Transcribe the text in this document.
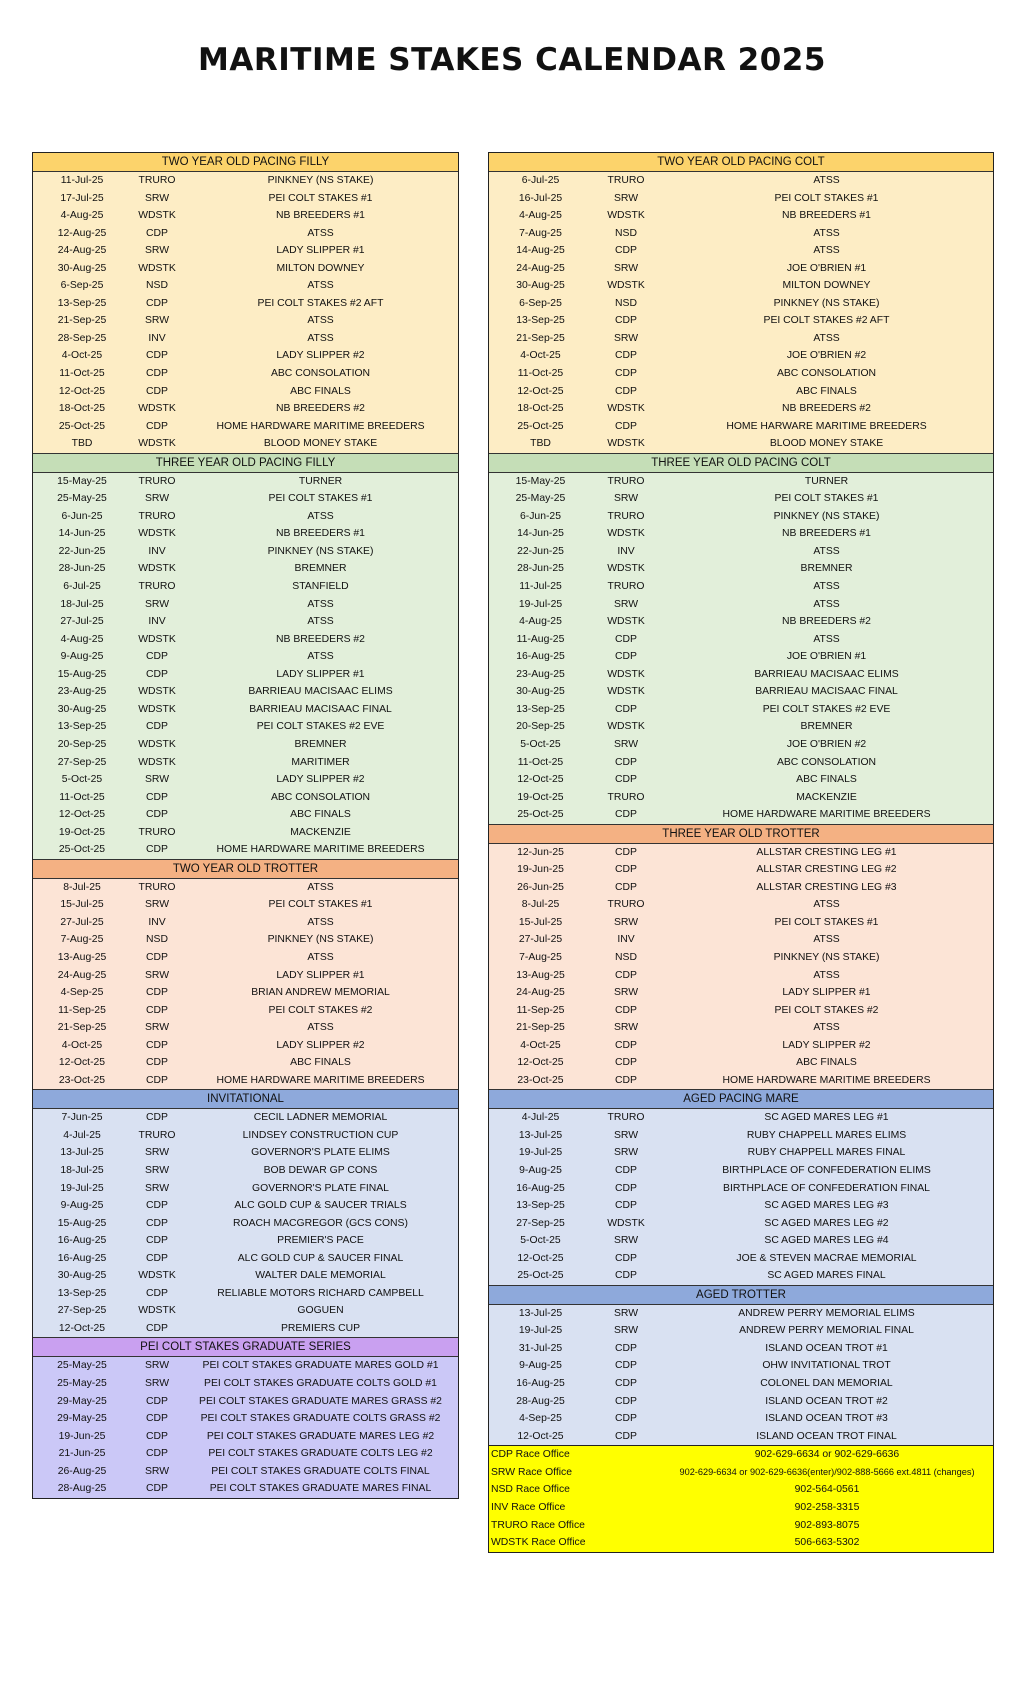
MARITIME STAKES CALENDAR 2025
TWO YEAR OLD PACING FILLY
11-Jul-25	TRURO	PINKNEY (NS STAKE)
17-Jul-25	SRW	PEI COLT STAKES #1
4-Aug-25	WDSTK	NB BREEDERS #1
12-Aug-25	CDP	ATSS
24-Aug-25	SRW	LADY SLIPPER #1
30-Aug-25	WDSTK	MILTON DOWNEY
6-Sep-25	NSD	ATSS
13-Sep-25	CDP	PEI COLT STAKES #2 AFT
21-Sep-25	SRW	ATSS
28-Sep-25	INV	ATSS
4-Oct-25	CDP	LADY SLIPPER #2
11-Oct-25	CDP	ABC CONSOLATION
12-Oct-25	CDP	ABC FINALS
18-Oct-25	WDSTK	NB BREEDERS #2
25-Oct-25	CDP	HOME HARDWARE MARITIME BREEDERS
TBD	WDSTK	BLOOD MONEY STAKE
THREE YEAR OLD PACING FILLY
15-May-25	TRURO	TURNER
25-May-25	SRW	PEI COLT STAKES #1
6-Jun-25	TRURO	ATSS
14-Jun-25	WDSTK	NB BREEDERS #1
22-Jun-25	INV	PINKNEY (NS STAKE)
28-Jun-25	WDSTK	BREMNER
6-Jul-25	TRURO	STANFIELD
18-Jul-25	SRW	ATSS
27-Jul-25	INV	ATSS
4-Aug-25	WDSTK	NB BREEDERS #2
9-Aug-25	CDP	ATSS
15-Aug-25	CDP	LADY SLIPPER #1
23-Aug-25	WDSTK	BARRIEAU MACISAAC ELIMS
30-Aug-25	WDSTK	BARRIEAU MACISAAC FINAL
13-Sep-25	CDP	PEI COLT STAKES #2 EVE
20-Sep-25	WDSTK	BREMNER
27-Sep-25	WDSTK	MARITIMER
5-Oct-25	SRW	LADY SLIPPER #2
11-Oct-25	CDP	ABC CONSOLATION
12-Oct-25	CDP	ABC FINALS
19-Oct-25	TRURO	MACKENZIE
25-Oct-25	CDP	HOME HARDWARE MARITIME BREEDERS
TWO YEAR OLD TROTTER
8-Jul-25	TRURO	ATSS
15-Jul-25	SRW	PEI COLT STAKES #1
27-Jul-25	INV	ATSS
7-Aug-25	NSD	PINKNEY (NS STAKE)
13-Aug-25	CDP	ATSS
24-Aug-25	SRW	LADY SLIPPER #1
4-Sep-25	CDP	BRIAN ANDREW MEMORIAL
11-Sep-25	CDP	PEI COLT STAKES #2
21-Sep-25	SRW	ATSS
4-Oct-25	CDP	LADY SLIPPER #2
12-Oct-25	CDP	ABC FINALS
23-Oct-25	CDP	HOME HARDWARE MARITIME BREEDERS
INVITATIONAL
7-Jun-25	CDP	CECIL LADNER MEMORIAL
4-Jul-25	TRURO	LINDSEY CONSTRUCTION CUP
13-Jul-25	SRW	GOVERNOR'S PLATE ELIMS
18-Jul-25	SRW	BOB DEWAR GP CONS
19-Jul-25	SRW	GOVERNOR'S PLATE FINAL
9-Aug-25	CDP	ALC GOLD CUP & SAUCER TRIALS
15-Aug-25	CDP	ROACH MACGREGOR (GCS CONS)
16-Aug-25	CDP	PREMIER'S PACE
16-Aug-25	CDP	ALC GOLD CUP & SAUCER FINAL
30-Aug-25	WDSTK	WALTER DALE MEMORIAL
13-Sep-25	CDP	RELIABLE MOTORS RICHARD CAMPBELL
27-Sep-25	WDSTK	GOGUEN
12-Oct-25	CDP	PREMIERS CUP
PEI COLT STAKES GRADUATE SERIES
25-May-25	SRW	PEI COLT STAKES GRADUATE MARES GOLD #1
25-May-25	SRW	PEI COLT STAKES GRADUATE COLTS GOLD #1
29-May-25	CDP	PEI COLT STAKES GRADUATE MARES GRASS #2
29-May-25	CDP	PEI COLT STAKES GRADUATE COLTS GRASS #2
19-Jun-25	CDP	PEI COLT STAKES GRADUATE MARES LEG #2
21-Jun-25	CDP	PEI COLT STAKES GRADUATE COLTS LEG #2
26-Aug-25	SRW	PEI COLT STAKES GRADUATE COLTS FINAL
28-Aug-25	CDP	PEI COLT STAKES GRADUATE MARES FINAL
TWO YEAR OLD PACING COLT
6-Jul-25	TRURO	ATSS
16-Jul-25	SRW	PEI COLT STAKES #1
4-Aug-25	WDSTK	NB BREEDERS #1
7-Aug-25	NSD	ATSS
14-Aug-25	CDP	ATSS
24-Aug-25	SRW	JOE O'BRIEN #1
30-Aug-25	WDSTK	MILTON DOWNEY
6-Sep-25	NSD	PINKNEY (NS STAKE)
13-Sep-25	CDP	PEI COLT STAKES #2 AFT
21-Sep-25	SRW	ATSS
4-Oct-25	CDP	JOE O'BRIEN #2
11-Oct-25	CDP	ABC CONSOLATION
12-Oct-25	CDP	ABC FINALS
18-Oct-25	WDSTK	NB BREEDERS #2
25-Oct-25	CDP	HOME HARWARE MARITIME BREEDERS
TBD	WDSTK	BLOOD MONEY STAKE
THREE YEAR OLD PACING COLT
15-May-25	TRURO	TURNER
25-May-25	SRW	PEI COLT STAKES #1
6-Jun-25	TRURO	PINKNEY (NS STAKE)
14-Jun-25	WDSTK	NB BREEDERS #1
22-Jun-25	INV	ATSS
28-Jun-25	WDSTK	BREMNER
11-Jul-25	TRURO	ATSS
19-Jul-25	SRW	ATSS
4-Aug-25	WDSTK	NB BREEDERS #2
11-Aug-25	CDP	ATSS
16-Aug-25	CDP	JOE O'BRIEN #1
23-Aug-25	WDSTK	BARRIEAU MACISAAC ELIMS
30-Aug-25	WDSTK	BARRIEAU MACISAAC FINAL
13-Sep-25	CDP	PEI COLT STAKES #2 EVE
20-Sep-25	WDSTK	BREMNER
5-Oct-25	SRW	JOE O'BRIEN #2
11-Oct-25	CDP	ABC CONSOLATION
12-Oct-25	CDP	ABC FINALS
19-Oct-25	TRURO	MACKENZIE
25-Oct-25	CDP	HOME HARDWARE MARITIME BREEDERS
THREE YEAR OLD TROTTER
12-Jun-25	CDP	ALLSTAR CRESTING LEG #1
19-Jun-25	CDP	ALLSTAR CRESTING LEG #2
26-Jun-25	CDP	ALLSTAR CRESTING LEG #3
8-Jul-25	TRURO	ATSS
15-Jul-25	SRW	PEI COLT STAKES #1
27-Jul-25	INV	ATSS
7-Aug-25	NSD	PINKNEY (NS STAKE)
13-Aug-25	CDP	ATSS
24-Aug-25	SRW	LADY SLIPPER #1
11-Sep-25	CDP	PEI COLT STAKES #2
21-Sep-25	SRW	ATSS
4-Oct-25	CDP	LADY SLIPPER #2
12-Oct-25	CDP	ABC FINALS
23-Oct-25	CDP	HOME HARDWARE MARITIME BREEDERS
AGED PACING MARE
4-Jul-25	TRURO	SC AGED MARES LEG #1
13-Jul-25	SRW	RUBY CHAPPELL MARES ELIMS
19-Jul-25	SRW	RUBY CHAPPELL MARES FINAL
9-Aug-25	CDP	BIRTHPLACE OF CONFEDERATION ELIMS
16-Aug-25	CDP	BIRTHPLACE OF CONFEDERATION FINAL
13-Sep-25	CDP	SC AGED MARES LEG #3
27-Sep-25	WDSTK	SC AGED MARES LEG #2
5-Oct-25	SRW	SC AGED MARES LEG #4
12-Oct-25	CDP	JOE & STEVEN MACRAE MEMORIAL
25-Oct-25	CDP	SC AGED MARES FINAL
AGED TROTTER
13-Jul-25	SRW	ANDREW PERRY MEMORIAL ELIMS
19-Jul-25	SRW	ANDREW PERRY MEMORIAL FINAL
31-Jul-25	CDP	ISLAND OCEAN TROT #1
9-Aug-25	CDP	OHW INVITATIONAL TROT
16-Aug-25	CDP	COLONEL DAN MEMORIAL
28-Aug-25	CDP	ISLAND OCEAN TROT #2
4-Sep-25	CDP	ISLAND OCEAN TROT #3
12-Oct-25	CDP	ISLAND OCEAN TROT FINAL
CDP Race Office	902-629-6634 or 902-629-6636
SRW Race Office	902-629-6634 or 902-629-6636(enter)/902-888-5666 ext.4811 (changes)
NSD Race Office	902-564-0561
INV Race Office	902-258-3315
TRURO Race Office	902-893-8075
WDSTK Race Office	506-663-5302
